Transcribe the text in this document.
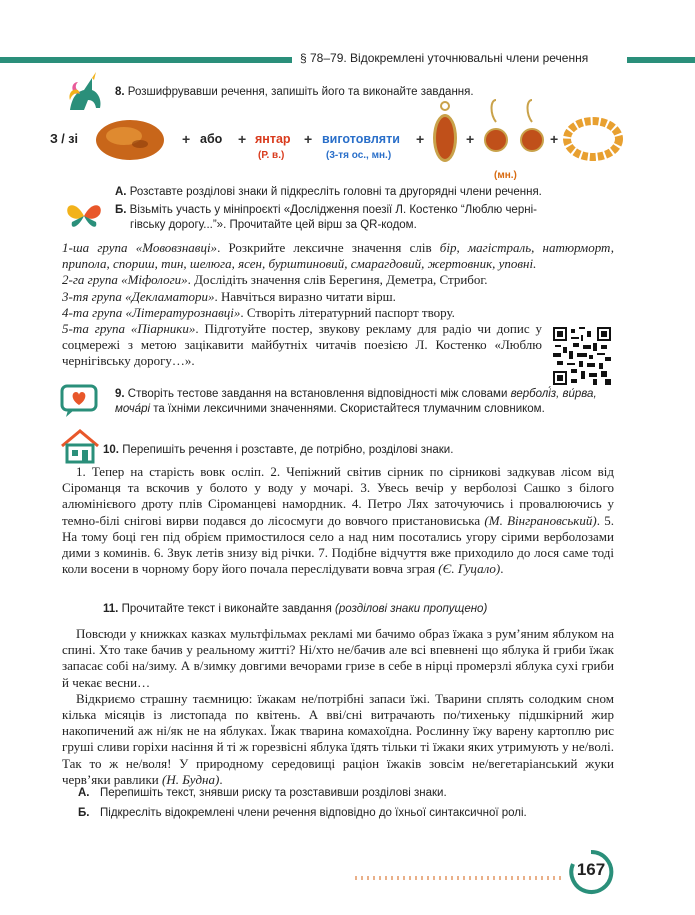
§ 78–79. Відокремлені уточнювальні члени речення
8. Розшифрувавши речення, запишіть його та виконайте завдання.
З / зі	+ або + янтар
(Р. в.)
+ виготовляти
(3-тя ос., мн.)
+	+
(мн.)
+
А. Розставте розділові знаки й підкресліть головні та другорядні члени речення.
Б. Візьміть участь у мініпроєкті «Дослідження поезії Л. Костенко “Люблю черні-
гівську дорогу...”». Прочитайте цей вірш за QR-кодом.
1-ша група «Мововзнавці». Розкрийте лексичне значення слів бір, магістраль, натюрморт, припола, спориш, тин, шелюга, ясен, бурштиновий, смарагдовий, жертовник, уповні.
2-га група «Міфологи». Дослідіть значення слів Берегиня, Деметра, Стрибог.
3-тя група «Декламатори». Навчіться виразно читати вірш.
4-та група «Літературознавці». Створіть літературний паспорт твору.
5-та група «Піарники». Підготуйте постер, звукову рекламу для радіо чи допис у соцмережі з метою зацікавити майбутніх читачів поезією Л. Костенко «Люблю чернігівську дорогу…».
9. Створіть тестове завдання на встановлення відповідності між словами верболі́з, ви́рва, моча́рі та їхніми лексичними значеннями. Скористайтеся тлумачним словником.
10. Перепишіть речення і розставте, де потрібно, розділові знаки.
1. Тепер на старість вовк осліп. 2. Чепіжний світив сірник по сірникові задкував лісом від Сіроманця та вскочив у болото у воду у мочарі. 3. Увесь вечір у верболозі Сашко з білого алюмінієвого дроту плів Сіроманцеві намордник. 4. Петро Лях заточуючись і провалюючись у темно-білі снігові вирви подався до лісосмуги до вовчого пристановиська (М. Вінграновський). 5. На тому боці ген під обрієм примостилося село а над ним посотались угору сірими верболозами дими з коминів. 6. Звук летів знизу від річки. 7. Подібне відчуття вже приходило до лося саме тоді коли восени в чорному бору його почала переслідувати вовча зграя (Є. Гуцало).
11. Прочитайте текст і виконайте завдання (розділові знаки пропущено)
Повсюди у книжках казках мультфільмах рекламі ми бачимо образ їжака з рум’яним яблуком на спині. Хто таке бачив у реальному житті? Ні/хто не/бачив але всі впевнені що яблука й гриби їжак запасає собі на/зиму. А в/зимку довгими вечорами гризе в себе в нірці промерзлі яблука сухі гриби й чекає весни…
Відкриємо страшну таємницю: їжакам не/потрібні запаси їжі. Тварини сплять солодким сном кілька місяців із листопада по квітень. А вві/сні витрачають по/тихеньку підшкірний жир накопичений аж ні/як не на яблуках. Їжак тварина комахоїдна. Рослинну їжу варену картоплю рис груші сливи горіхи насіння й ті ж горезвісні яблука їдять тільки ті їжаки яких утримують у не/волі. Так то ж не/воля! У природному середовищі раціон їжаків зовсім не/вегетаріанський жуки черв’яки равлики (Н. Будна).
А. Перепишіть текст, знявши риску та розставивши розділові знаки.
Б. Підкресліть відокремлені члени речення відповідно до їхньої синтаксичної ролі.
167
